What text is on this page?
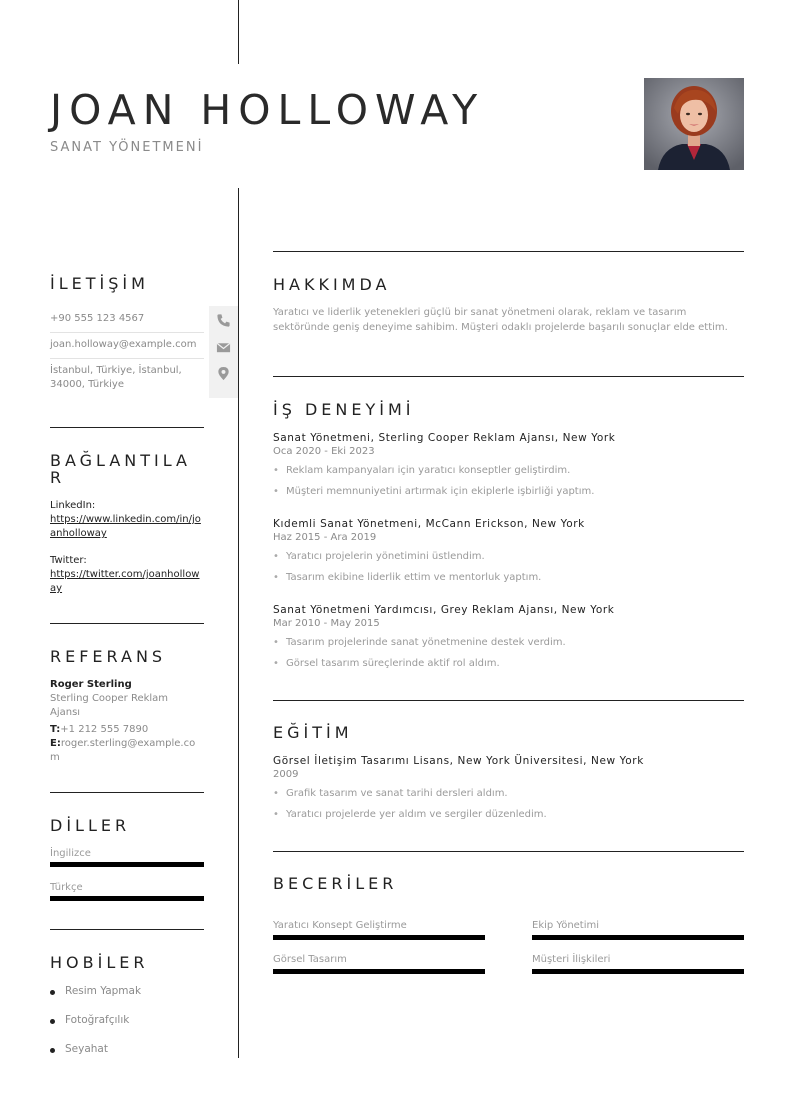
JOAN HOLLOWAY
SANAT YÖNETMENİ
İLETİŞİM
+90 555 123 4567
joan.holloway@example.com
İstanbul, Türkiye, İstanbul, 34000, Türkiye
BAĞLANTILA R
LinkedIn:
https://www.linkedin.com/in/joanholloway
Twitter:
https://twitter.com/joanholloway
REFERANS
Roger Sterling
Sterling Cooper Reklam Ajansı
T:+1 212 555 7890
E:roger.sterling@example.com
DİLLER
İngilizce
Türkçe
HOBİLER
Resim Yapmak
Fotoğrafçılık
Seyahat
HAKKIMDA
Yaratıcı ve liderlik yetenekleri güçlü bir sanat yönetmeni olarak, reklam ve tasarım sektöründe geniş deneyime sahibim. Müşteri odaklı projelerde başarılı sonuçlar elde ettim.
İŞ DENEYİMİ
Sanat Yönetmeni, Sterling Cooper Reklam Ajansı, New York
Oca 2020 - Eki 2023
• Reklam kampanyaları için yaratıcı konseptler geliştirdim.
• Müşteri memnuniyetini artırmak için ekiplerle işbirliği yaptım.
Kıdemli Sanat Yönetmeni, McCann Erickson, New York
Haz 2015 - Ara 2019
• Yaratıcı projelerin yönetimini üstlendim.
• Tasarım ekibine liderlik ettim ve mentorluk yaptım.
Sanat Yönetmeni Yardımcısı, Grey Reklam Ajansı, New York
Mar 2010 - May 2015
• Tasarım projelerinde sanat yönetmenine destek verdim.
• Görsel tasarım süreçlerinde aktif rol aldım.
EĞİTİM
Görsel İletişim Tasarımı Lisans, New York Üniversitesi, New York
2009
• Grafik tasarım ve sanat tarihi dersleri aldım.
• Yaratıcı projelerde yer aldım ve sergiler düzenledim.
BECERİLER
Yaratıcı Konsept Geliştirme	Ekip Yönetimi
Görsel Tasarım	Müşteri İlişkileri
